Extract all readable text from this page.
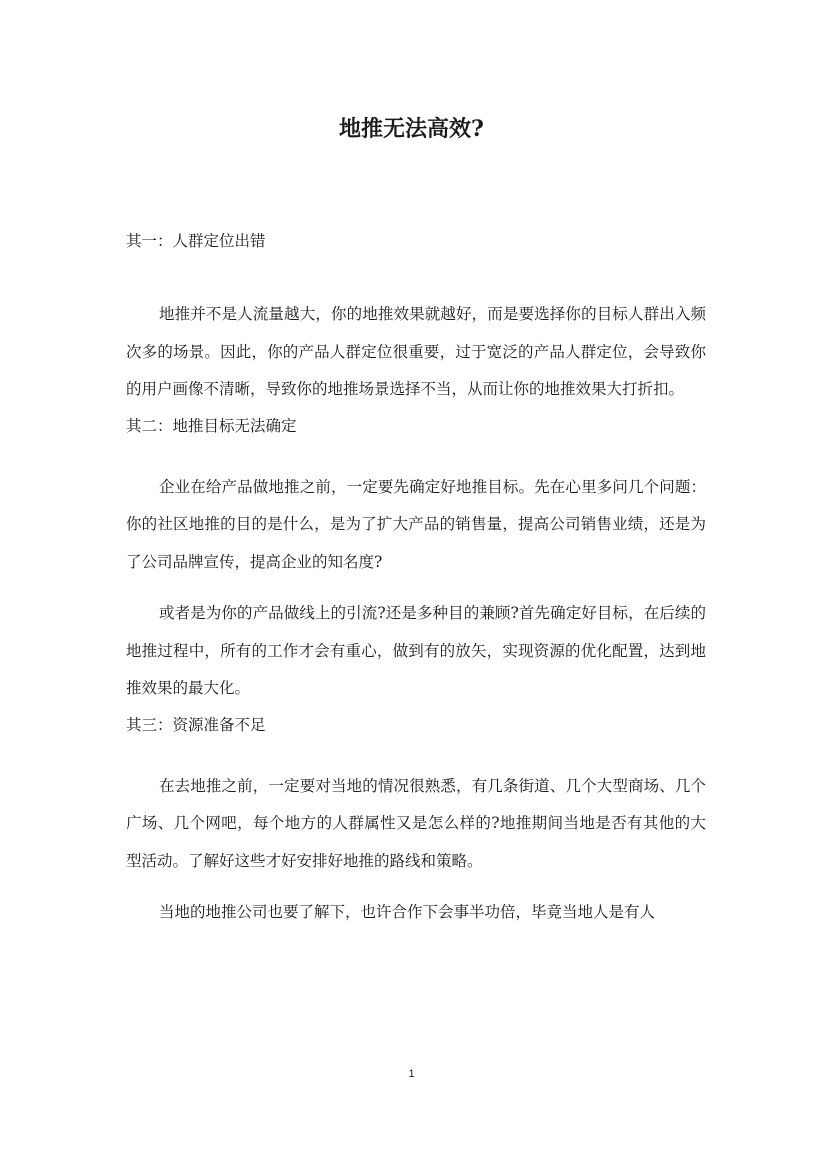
地推无法高效?

其一：人群定位出错

地推并不是人流量越大，你的地推效果就越好，而是要选择你的目标人群出入频次多的场景。因此，你的产品人群定位很重要，过于宽泛的产品人群定位，会导致你的用户画像不清晰，导致你的地推场景选择不当，从而让你的地推效果大打折扣。

其二：地推目标无法确定

企业在给产品做地推之前，一定要先确定好地推目标。先在心里多问几个问题：你的社区地推的目的是什么，是为了扩大产品的销售量，提高公司销售业绩，还是为了公司品牌宣传，提高企业的知名度?

或者是为你的产品做线上的引流?还是多种目的兼顾?首先确定好目标，在后续的地推过程中，所有的工作才会有重心，做到有的放矢，实现资源的优化配置，达到地推效果的最大化。

其三：资源准备不足

在去地推之前，一定要对当地的情况很熟悉，有几条街道、几个大型商场、几个广场、几个网吧，每个地方的人群属性又是怎么样的?地推期间当地是否有其他的大型活动。了解好这些才好安排好地推的路线和策略。

当地的地推公司也要了解下，也许合作下会事半功倍，毕竟当地人是有人

1
